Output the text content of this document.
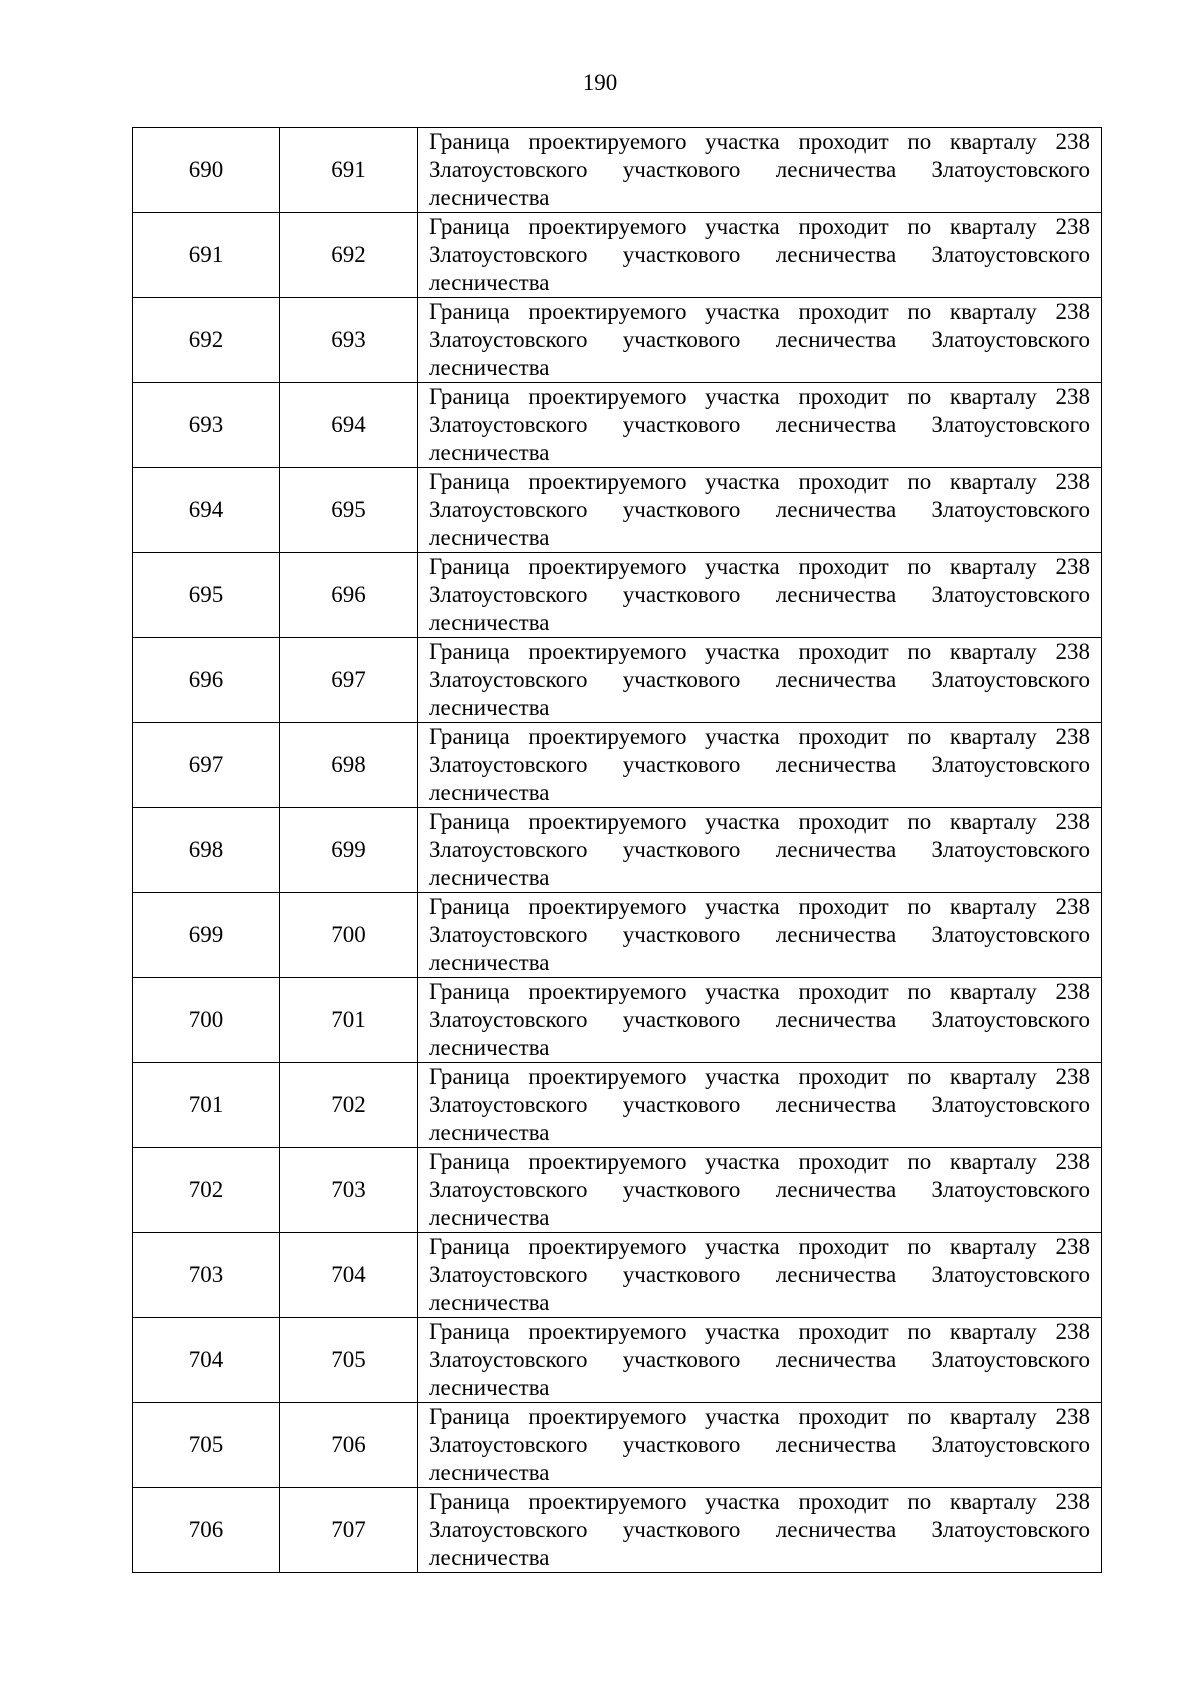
190
690	691	Граница проектируемого участка проходит по кварталу 238 Златоустовского участкового лесничества Златоустовского лесничества
691	692	Граница проектируемого участка проходит по кварталу 238 Златоустовского участкового лесничества Златоустовского лесничества
692	693	Граница проектируемого участка проходит по кварталу 238 Златоустовского участкового лесничества Златоустовского лесничества
693	694	Граница проектируемого участка проходит по кварталу 238 Златоустовского участкового лесничества Златоустовского лесничества
694	695	Граница проектируемого участка проходит по кварталу 238 Златоустовского участкового лесничества Златоустовского лесничества
695	696	Граница проектируемого участка проходит по кварталу 238 Златоустовского участкового лесничества Златоустовского лесничества
696	697	Граница проектируемого участка проходит по кварталу 238 Златоустовского участкового лесничества Златоустовского лесничества
697	698	Граница проектируемого участка проходит по кварталу 238 Златоустовского участкового лесничества Златоустовского лесничества
698	699	Граница проектируемого участка проходит по кварталу 238 Златоустовского участкового лесничества Златоустовского лесничества
699	700	Граница проектируемого участка проходит по кварталу 238 Златоустовского участкового лесничества Златоустовского лесничества
700	701	Граница проектируемого участка проходит по кварталу 238 Златоустовского участкового лесничества Златоустовского лесничества
701	702	Граница проектируемого участка проходит по кварталу 238 Златоустовского участкового лесничества Златоустовского лесничества
702	703	Граница проектируемого участка проходит по кварталу 238 Златоустовского участкового лесничества Златоустовского лесничества
703	704	Граница проектируемого участка проходит по кварталу 238 Златоустовского участкового лесничества Златоустовского лесничества
704	705	Граница проектируемого участка проходит по кварталу 238 Златоустовского участкового лесничества Златоустовского лесничества
705	706	Граница проектируемого участка проходит по кварталу 238 Златоустовского участкового лесничества Златоустовского лесничества
706	707	Граница проектируемого участка проходит по кварталу 238 Златоустовского участкового лесничества Златоустовского лесничества
